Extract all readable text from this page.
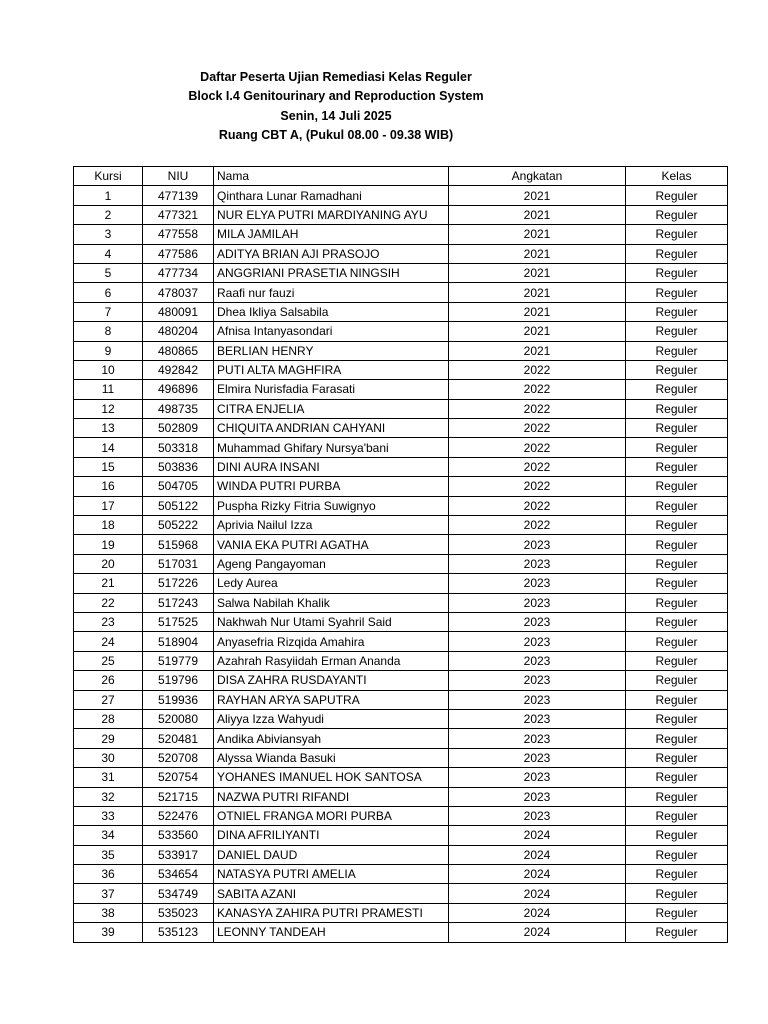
Daftar Peserta Ujian Remediasi Kelas Reguler
Block I.4 Genitourinary and Reproduction System
Senin, 14 Juli 2025
Ruang CBT A, (Pukul 08.00 - 09.38 WIB)
Kursi	NIU	Nama	Angkatan	Kelas
1	477139	Qinthara Lunar Ramadhani	2021	Reguler
2	477321	NUR ELYA PUTRI MARDIYANING AYU	2021	Reguler
3	477558	MILA JAMILAH	2021	Reguler
4	477586	ADITYA BRIAN AJI PRASOJO	2021	Reguler
5	477734	ANGGRIANI PRASETIA NINGSIH	2021	Reguler
6	478037	Raafi nur fauzi	2021	Reguler
7	480091	Dhea Ikliya Salsabila	2021	Reguler
8	480204	Afnisa Intanyasondari	2021	Reguler
9	480865	BERLIAN HENRY	2021	Reguler
10	492842	PUTI ALTA MAGHFIRA	2022	Reguler
11	496896	Elmira Nurisfadia Farasati	2022	Reguler
12	498735	CITRA ENJELIA	2022	Reguler
13	502809	CHIQUITA ANDRIAN CAHYANI	2022	Reguler
14	503318	Muhammad Ghifary Nursya'bani	2022	Reguler
15	503836	DINI AURA INSANI	2022	Reguler
16	504705	WINDA PUTRI PURBA	2022	Reguler
17	505122	Puspha Rizky Fitria Suwignyo	2022	Reguler
18	505222	Aprivia Nailul Izza	2022	Reguler
19	515968	VANIA EKA PUTRI AGATHA	2023	Reguler
20	517031	Ageng Pangayoman	2023	Reguler
21	517226	Ledy Aurea	2023	Reguler
22	517243	Salwa Nabilah Khalik	2023	Reguler
23	517525	Nakhwah Nur Utami Syahril Said	2023	Reguler
24	518904	Anyasefria Rizqida Amahira	2023	Reguler
25	519779	Azahrah Rasyiidah Erman Ananda	2023	Reguler
26	519796	DISA ZAHRA RUSDAYANTI	2023	Reguler
27	519936	RAYHAN ARYA SAPUTRA	2023	Reguler
28	520080	Aliyya Izza Wahyudi	2023	Reguler
29	520481	Andika Abiviansyah	2023	Reguler
30	520708	Alyssa Wianda Basuki	2023	Reguler
31	520754	YOHANES IMANUEL HOK SANTOSA	2023	Reguler
32	521715	NAZWA PUTRI RIFANDI	2023	Reguler
33	522476	OTNIEL FRANGA MORI PURBA	2023	Reguler
34	533560	DINA AFRILIYANTI	2024	Reguler
35	533917	DANIEL DAUD	2024	Reguler
36	534654	NATASYA PUTRI AMELIA	2024	Reguler
37	534749	SABITA AZANI	2024	Reguler
38	535023	KANASYA ZAHIRA PUTRI PRAMESTI	2024	Reguler
39	535123	LEONNY TANDEAH	2024	Reguler
